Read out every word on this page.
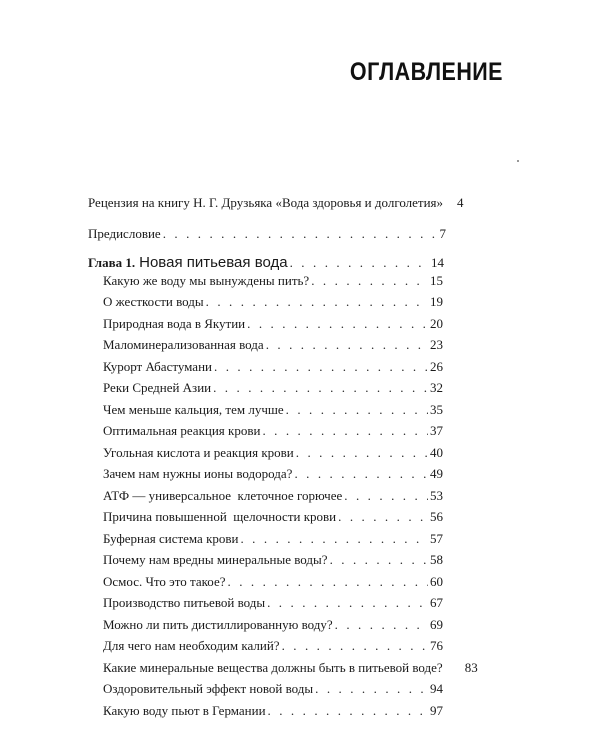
ОГЛАВЛЕНИЕ
Рецензия на книгу Н. Г. Друзьяка «Вода здоровья и долголетия» 4
Предисловие . . .	7
Глава 1. Новая питьевая вода . . .	14
Какую же воду мы вынуждены пить? . . .	15
О жесткости воды . . .	19
Природная вода в Якутии . . .	20
Маломинерализованная вода . . .	23
Курорт Абастумани . . .	26
Реки Средней Азии . . .	32
Чем меньше кальция, тем лучше . . .	35
Оптимальная реакция крови . . .	37
Угольная кислота и реакция крови . . .	40
Зачем нам нужны ионы водорода? . . .	49
АТФ — универсальное  клеточное горючее . . .	53
Причина повышенной  щелочности крови . . .	56
Буферная система крови . . .	57
Почему нам вредны минеральные воды? . . .	58
Осмос. Что это такое? . . .	60
Производство питьевой воды . . .	67
Можно ли пить дистиллированную воду? . . .	69
Для чего нам необходим калий? . . .	76
Какие минеральные вещества должны быть в питьевой воде? 83
Оздоровительный эффект новой воды . . .	94
Какую воду пьют в Германии . . .	97
